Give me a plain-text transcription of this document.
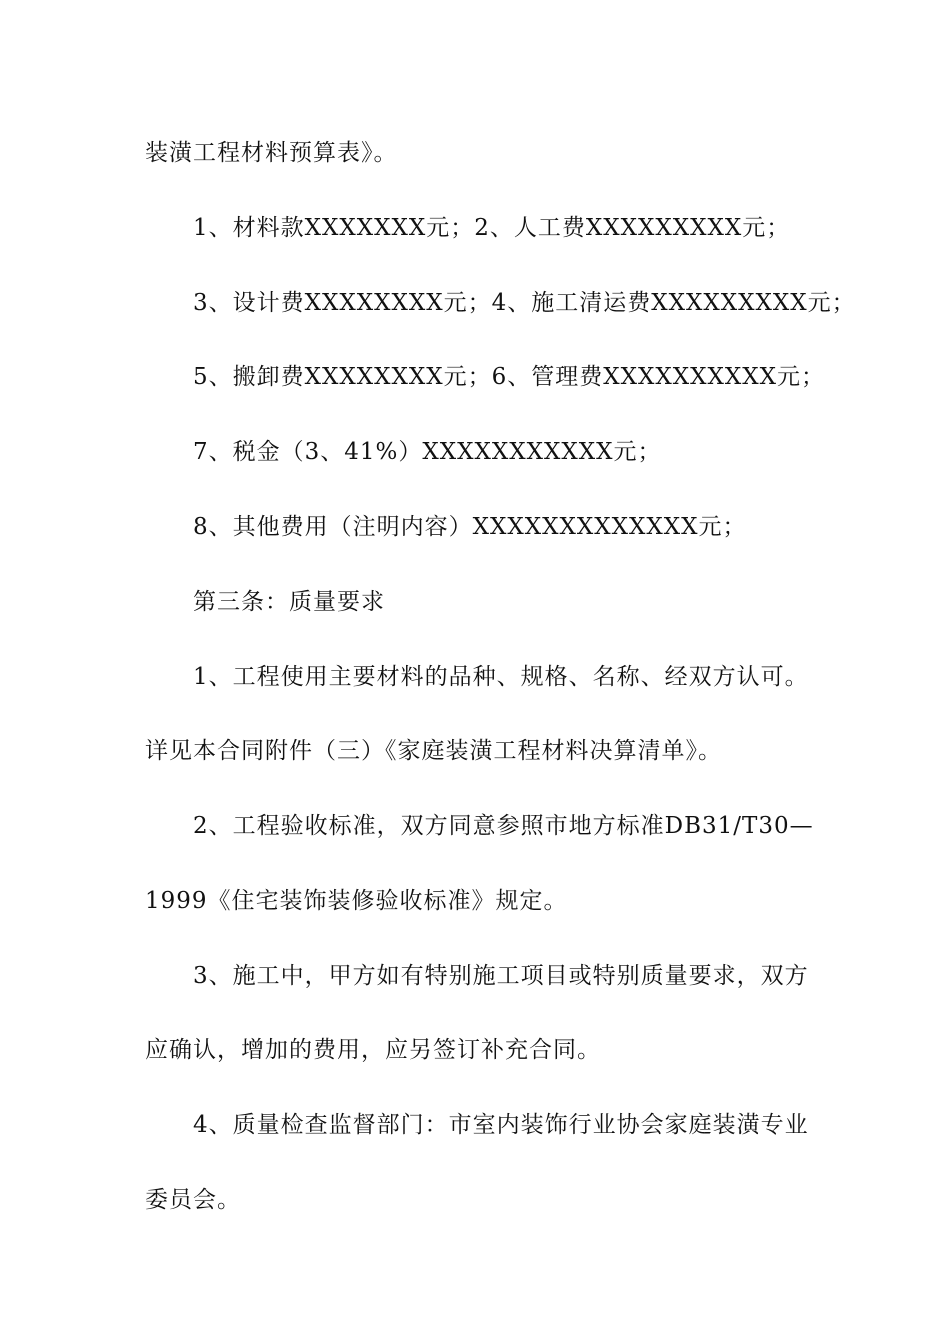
装潢工程材料预算表》。
1、材料款XXXXXXX元；2、人工费XXXXXXXXX元；
3、设计费XXXXXXXX元；4、施工清运费XXXXXXXXX元；
5、搬卸费XXXXXXXX元；6、管理费XXXXXXXXXX元；
7、税金（3、41%）XXXXXXXXXXX元；
8、其他费用（注明内容）XXXXXXXXXXXXX元；
第三条：质量要求
1、工程使用主要材料的品种、规格、名称、经双方认可。
详见本合同附件（三）《家庭装潢工程材料决算清单》。
2、工程验收标准，双方同意参照市地方标准DB31/T30—
1999《住宅装饰装修验收标准》规定。
3、施工中，甲方如有特别施工项目或特别质量要求，双方
应确认，增加的费用，应另签订补充合同。
4、质量检查监督部门：市室内装饰行业协会家庭装潢专业
委员会。
